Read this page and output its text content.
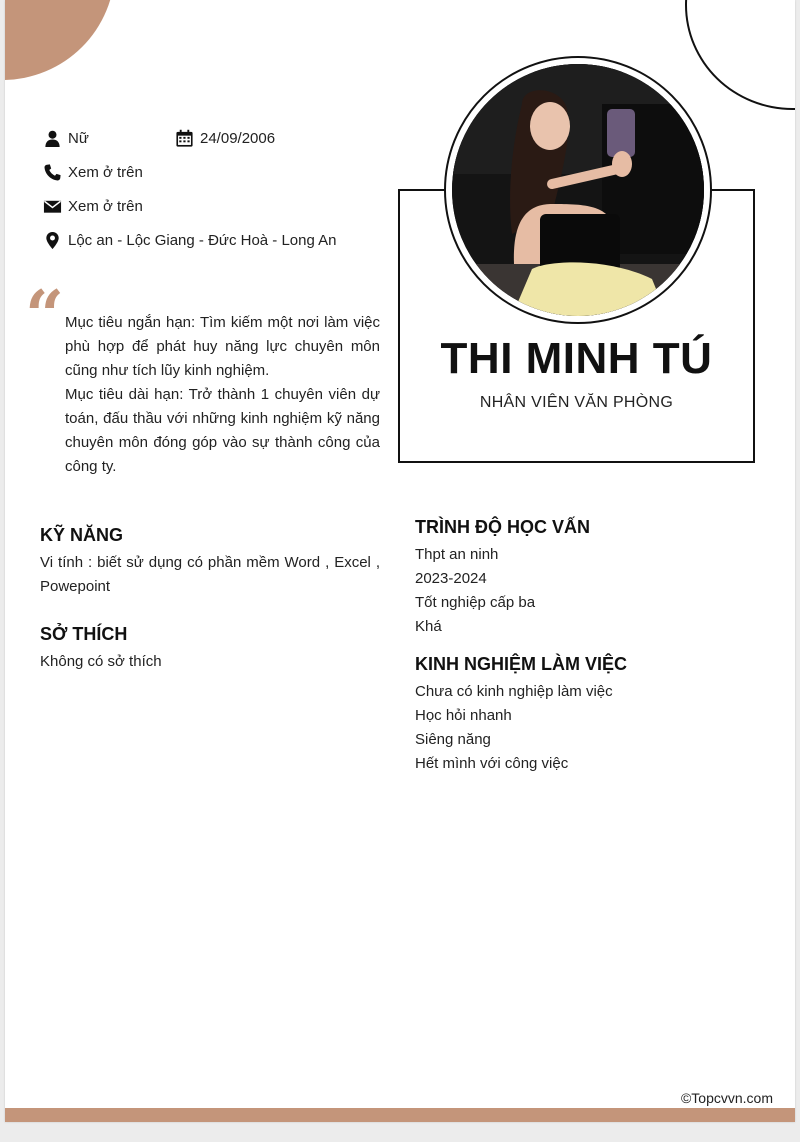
Nữ	24/09/2006
Xem ở trên
Xem ở trên
Lộc an - Lộc Giang - Đức Hoà - Long An
“ Mục tiêu ngắn hạn: Tìm kiếm một nơi làm việc phù hợp để phát huy năng lực chuyên môn cũng như tích lũy kinh nghiệm.

Mục tiêu dài hạn: Trở thành 1 chuyên viên dự toán, đấu thầu với những kinh nghiệm kỹ năng chuyên môn đóng góp vào sự thành công của công ty.

THI MINH TÚ
NHÂN VIÊN VĂN PHÒNG
KỸ NĂNG
Vi tính : biết sử dụng có phần mềm Word , Excel , Powepoint
SỞ THÍCH
Không có sở thích
TRÌNH ĐỘ HỌC VẤN
Thpt an ninh
2023-2024
Tốt nghiệp cấp ba
Khá
KINH NGHIỆM LÀM VIỆC
Chưa có kinh nghiệp làm việc
Học hỏi nhanh
Siêng năng
Hết mình với công việc
©Topcvvn.com
